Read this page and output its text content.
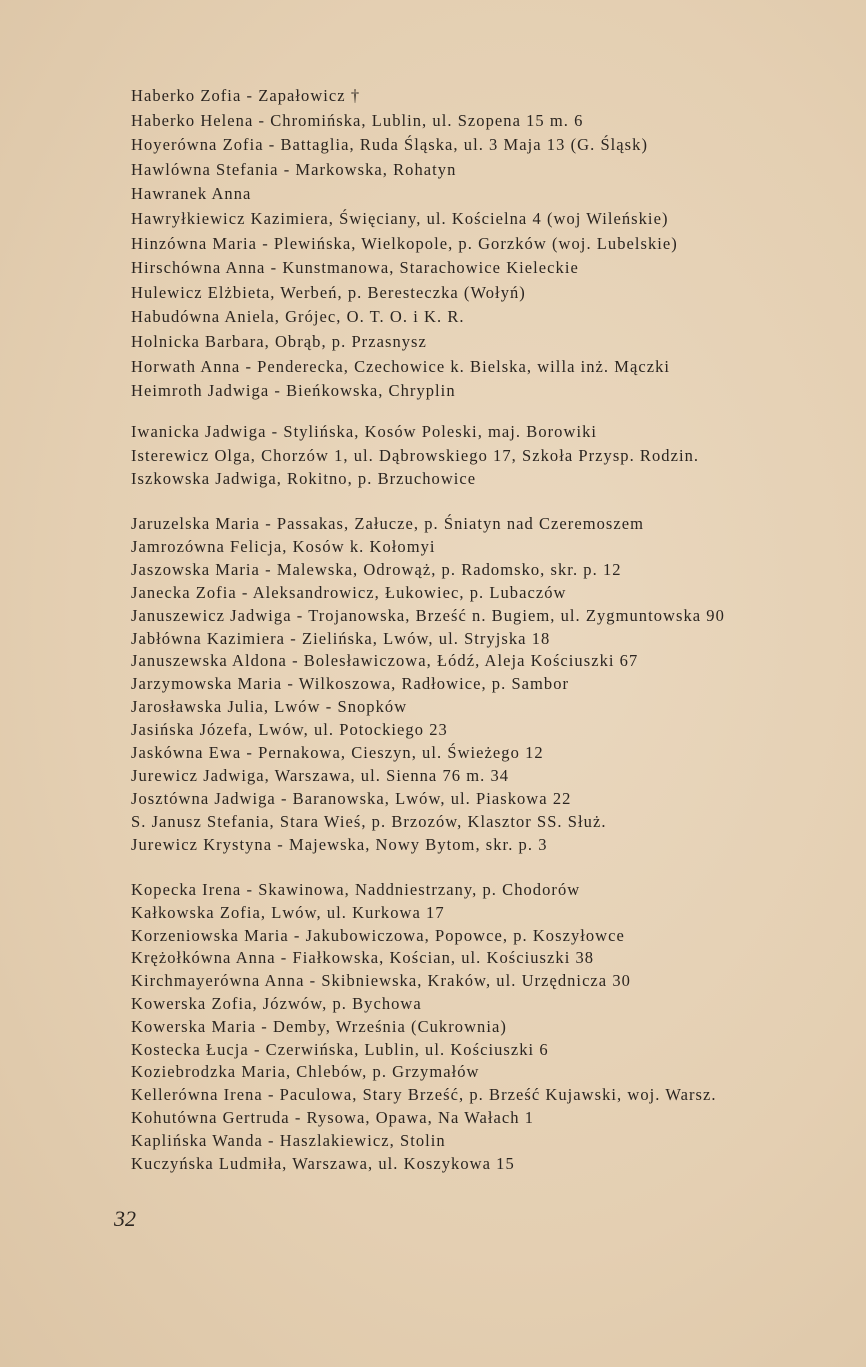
Haberko Zofia - Zapałowicz †
Haberko Helena - Chromińska, Lublin, ul. Szopena 15 m. 6
Hoyerówna Zofia - Battaglia, Ruda Śląska, ul. 3 Maja 13 (G. Śląsk)
Hawlówna Stefania - Markowska, Rohatyn
Hawranek Anna
Hawryłkiewicz Kazimiera, Święciany, ul. Kościelna 4 (woj Wileńskie)
Hinzówna Maria - Plewińska, Wielkopole, p. Gorzków (woj. Lubelskie)
Hirschówna Anna - Kunstmanowa, Starachowice Kieleckie
Hulewicz Elżbieta, Werbeń, p. Beresteczka (Wołyń)
Habudówna Aniela, Grójec, O. T. O. i K. R.
Holnicka Barbara, Obrąb, p. Przasnysz
Horwath Anna - Penderecka, Czechowice k. Bielska, willa inż. Mączki
Heimroth Jadwiga - Bieńkowska, Chryplin
Iwanicka Jadwiga - Stylińska, Kosów Poleski, maj. Borowiki
Isterewicz Olga, Chorzów 1, ul. Dąbrowskiego 17, Szkoła Przysp. Rodzin.
Iszkowska Jadwiga, Rokitno, p. Brzuchowice
Jaruzelska Maria - Passakas, Załucze, p. Śniatyn nad Czeremoszem
Jamrozówna Felicja, Kosów k. Kołomyi
Jaszowska Maria - Malewska, Odrowąż, p. Radomsko, skr. p. 12
Janecka Zofia - Aleksandrowicz, Łukowiec, p. Lubaczów
Januszewicz Jadwiga - Trojanowska, Brześć n. Bugiem, ul. Zygmuntowska 90
Jabłówna Kazimiera - Zielińska, Lwów, ul. Stryjska 18
Januszewska Aldona - Bolesławiczowa, Łódź, Aleja Kościuszki 67
Jarzymowska Maria - Wilkoszowa, Radłowice, p. Sambor
Jarosławska Julia, Lwów - Snopków
Jasińska Józefa, Lwów, ul. Potockiego 23
Jaskówna Ewa - Pernakowa, Cieszyn, ul. Świeżego 12
Jurewicz Jadwiga, Warszawa, ul. Sienna 76 m. 34
Josztówna Jadwiga - Baranowska, Lwów, ul. Piaskowa 22
S. Janusz Stefania, Stara Wieś, p. Brzozów, Klasztor SS. Służ.
Jurewicz Krystyna - Majewska, Nowy Bytom, skr. p. 3
Kopecka Irena - Skawinowa, Naddniestrzany, p. Chodorów
Kałkowska Zofia, Lwów, ul. Kurkowa 17
Korzeniowska Maria - Jakubowiczowa, Popowce, p. Koszyłowce
Krężołkówna Anna - Fiałkowska, Kościan, ul. Kościuszki 38
Kirchmayerówna Anna - Skibniewska, Kraków, ul. Urzędnicza 30
Kowerska Zofia, Józwów, p. Bychowa
Kowerska Maria - Demby, Września (Cukrownia)
Kostecka Łucja - Czerwińska, Lublin, ul. Kościuszki 6
Koziebrodzka Maria, Chlebów, p. Grzymałów
Kellerówna Irena - Paculowa, Stary Brześć, p. Brześć Kujawski, woj. Warsz.
Kohutówna Gertruda - Rysowa, Opawa, Na Wałach 1
Kaplińska Wanda - Haszlakiewicz, Stolin
Kuczyńska Ludmiła, Warszawa, ul. Koszykowa 15
32
